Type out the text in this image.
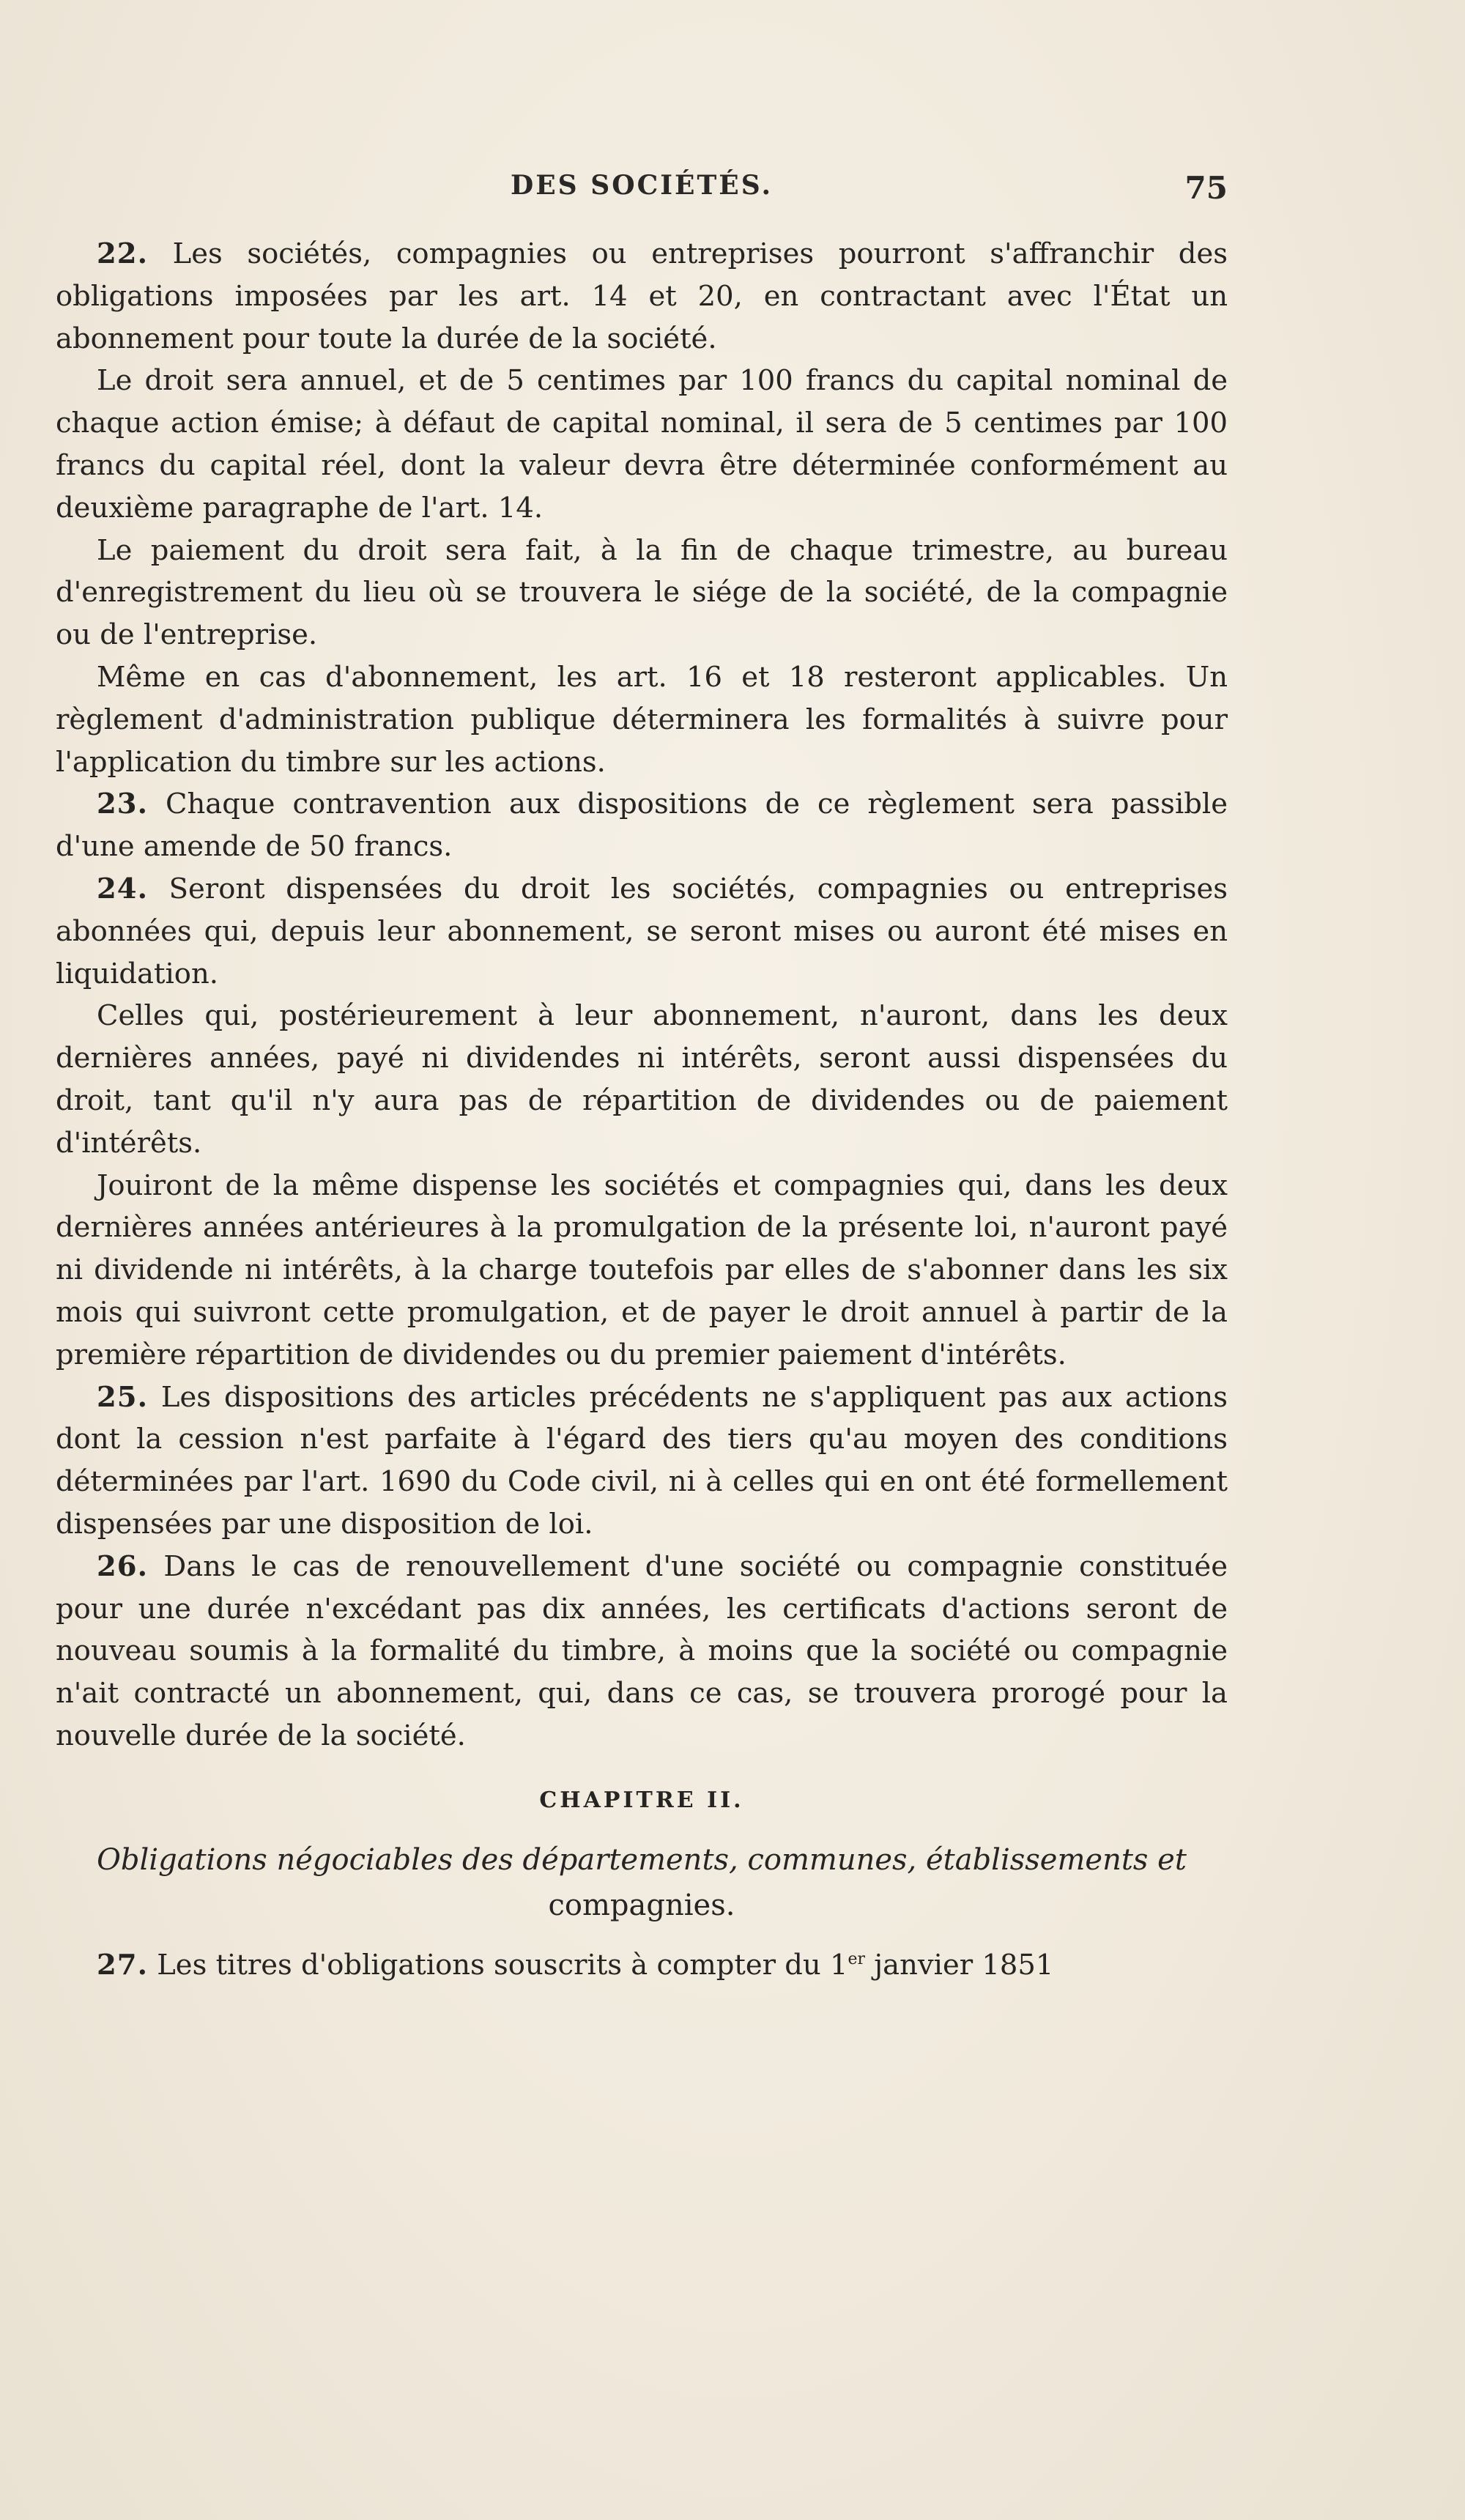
DES SOCIÉTÉS.	75

22. Les sociétés, compagnies ou entreprises pourront s'affranchir des obligations imposées par les art. 14 et 20, en contractant avec l'État un abonnement pour toute la durée de la société.

Le droit sera annuel, et de 5 centimes par 100 francs du capital nominal de chaque action émise; à défaut de capital nominal, il sera de 5 centimes par 100 francs du capital réel, dont la valeur devra être déterminée conformément au deuxième paragraphe de l'art. 14.

Le paiement du droit sera fait, à la fin de chaque trimestre, au bureau d'enregistrement du lieu où se trouvera le siége de la société, de la compagnie ou de l'entreprise.

Même en cas d'abonnement, les art. 16 et 18 resteront applicables. Un règlement d'administration publique déterminera les formalités à suivre pour l'application du timbre sur les actions.

23. Chaque contravention aux dispositions de ce règlement sera passible d'une amende de 50 francs.

24. Seront dispensées du droit les sociétés, compagnies ou entreprises abonnées qui, depuis leur abonnement, se seront mises ou auront été mises en liquidation.

Celles qui, postérieurement à leur abonnement, n'auront, dans les deux dernières années, payé ni dividendes ni intérêts, seront aussi dispensées du droit, tant qu'il n'y aura pas de répartition de dividendes ou de paiement d'intérêts.

Jouiront de la même dispense les sociétés et compagnies qui, dans les deux dernières années antérieures à la promulgation de la présente loi, n'auront payé ni dividende ni intérêts, à la charge toutefois par elles de s'abonner dans les six mois qui suivront cette promulgation, et de payer le droit annuel à partir de la première répartition de dividendes ou du premier paiement d'intérêts.

25. Les dispositions des articles précédents ne s'appliquent pas aux actions dont la cession n'est parfaite à l'égard des tiers qu'au moyen des conditions déterminées par l'art. 1690 du Code civil, ni à celles qui en ont été formellement dispensées par une disposition de loi.

26. Dans le cas de renouvellement d'une société ou compagnie constituée pour une durée n'excédant pas dix années, les certificats d'actions seront de nouveau soumis à la formalité du timbre, à moins que la société ou compagnie n'ait contracté un abonnement, qui, dans ce cas, se trouvera prorogé pour la nouvelle durée de la société.

CHAPITRE II.

Obligations négociables des départements, communes, établissements et compagnies.

27. Les titres d'obligations souscrits à compter du 1er janvier 1851
